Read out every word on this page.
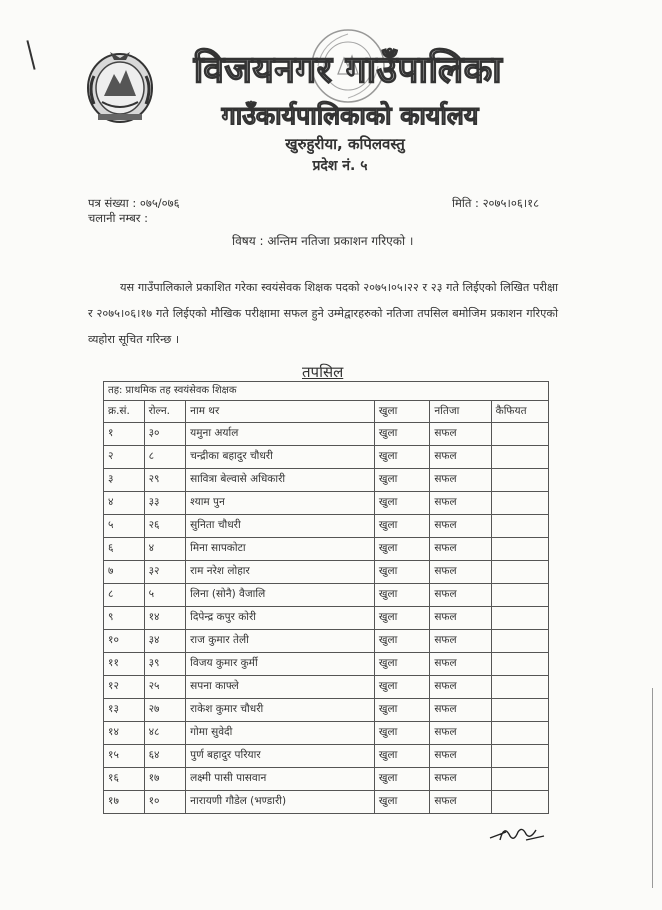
विजयनगर गाउँपालिका
गाउँकार्यपालिकाको कार्यालय
खुरुहुरीया, कपिलवस्तु
प्रदेश नं. ५
पत्र संख्या : ०७५/०७६
चलानी नम्बर :
मिति : २०७५।०६।१८
विषय : अन्तिम नतिजा प्रकाशन गरिएको ।
यस गाउँपालिकाले प्रकाशित गरेका स्वयंसेवक शिक्षक पदको २०७५।०५।२२ र २३ गते लिईएको लिखित परीक्षा र २०७५।०६।१७ गते लिईएको मौखिक परीक्षामा सफल हुने उम्मेद्वारहरुको नतिजा तपसिल बमोजिम प्रकाशन गरिएको व्यहोरा सूचित गरिन्छ ।
तपसिल
तह: प्राथमिक तह स्वयंसेवक शिक्षक
क्र.सं.	रोल्न.	नाम थर	खुला	नतिजा	कैफियत
१	३०	यमुना अर्याल	खुला	सफल
२	८	चन्द्रीका बहादुर चौधरी	खुला	सफल
३	२९	सावित्रा बेल्वासे अधिकारी	खुला	सफल
४	३३	श्याम पुन	खुला	सफल
५	२६	सुनिता चौधरी	खुला	सफल
६	४	मिना सापकोटा	खुला	सफल
७	३२	राम नरेश लोहार	खुला	सफल
८	५	लिना (सोनै) वैजालि	खुला	सफल
९	१४	दिपेन्द्र कपुर कोरी	खुला	सफल
१०	३४	राज कुमार तेली	खुला	सफल
११	३९	विजय कुमार कुर्मी	खुला	सफल
१२	२५	सपना काफ्ले	खुला	सफल
१३	२७	राकेश कुमार चौधरी	खुला	सफल
१४	४८	गोमा सुवेदी	खुला	सफल
१५	६४	पुर्ण बहादुर परियार	खुला	सफल
१६	१७	लक्ष्मी पासी पासवान	खुला	सफल
१७	१०	नारायणी गौडेल (भण्डारी)	खुला	सफल
